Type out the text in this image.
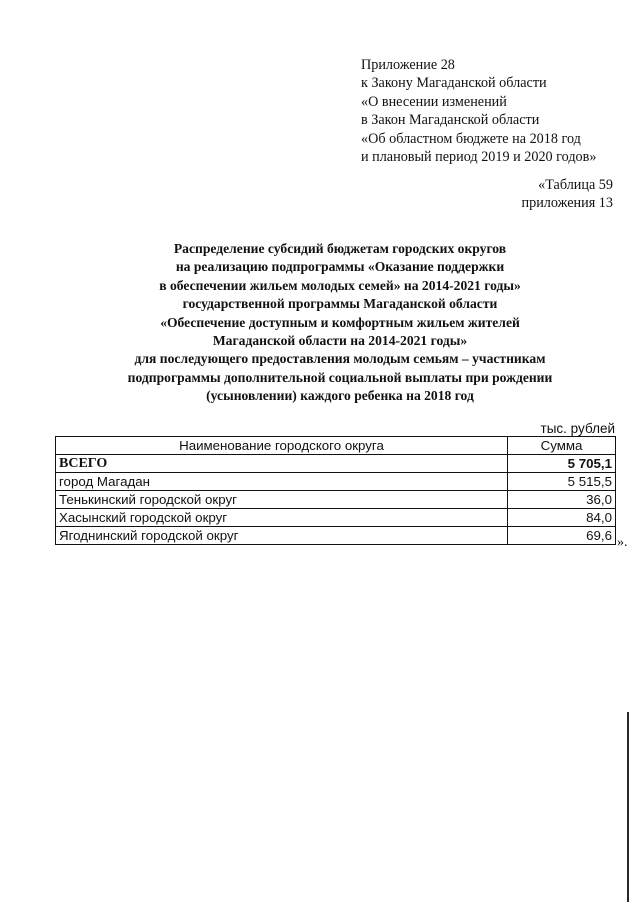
Приложение 28
к Закону Магаданской области
«О внесении изменений
в Закон Магаданской области
«Об областном бюджете на 2018 год
и плановый период 2019 и 2020 годов»
«Таблица 59
приложения 13
Распределение субсидий бюджетам городских округов
на реализацию подпрограммы «Оказание поддержки
в обеспечении жильем молодых семей» на 2014-2021 годы»
государственной программы Магаданской области
«Обеспечение доступным и комфортным жильем жителей
Магаданской области на 2014-2021 годы»
для последующего предоставления молодым семьям – участникам
подпрограммы дополнительной социальной выплаты при рождении
(усыновлении) каждого ребенка на 2018 год
тыс. рублей
Наименование городского округа	Сумма
ВСЕГО	5 705,1
город Магадан	5 515,5
Тенькинский городской округ	36,0
Хасынский городской округ	84,0
Ягоднинский городской округ	69,6 ».
